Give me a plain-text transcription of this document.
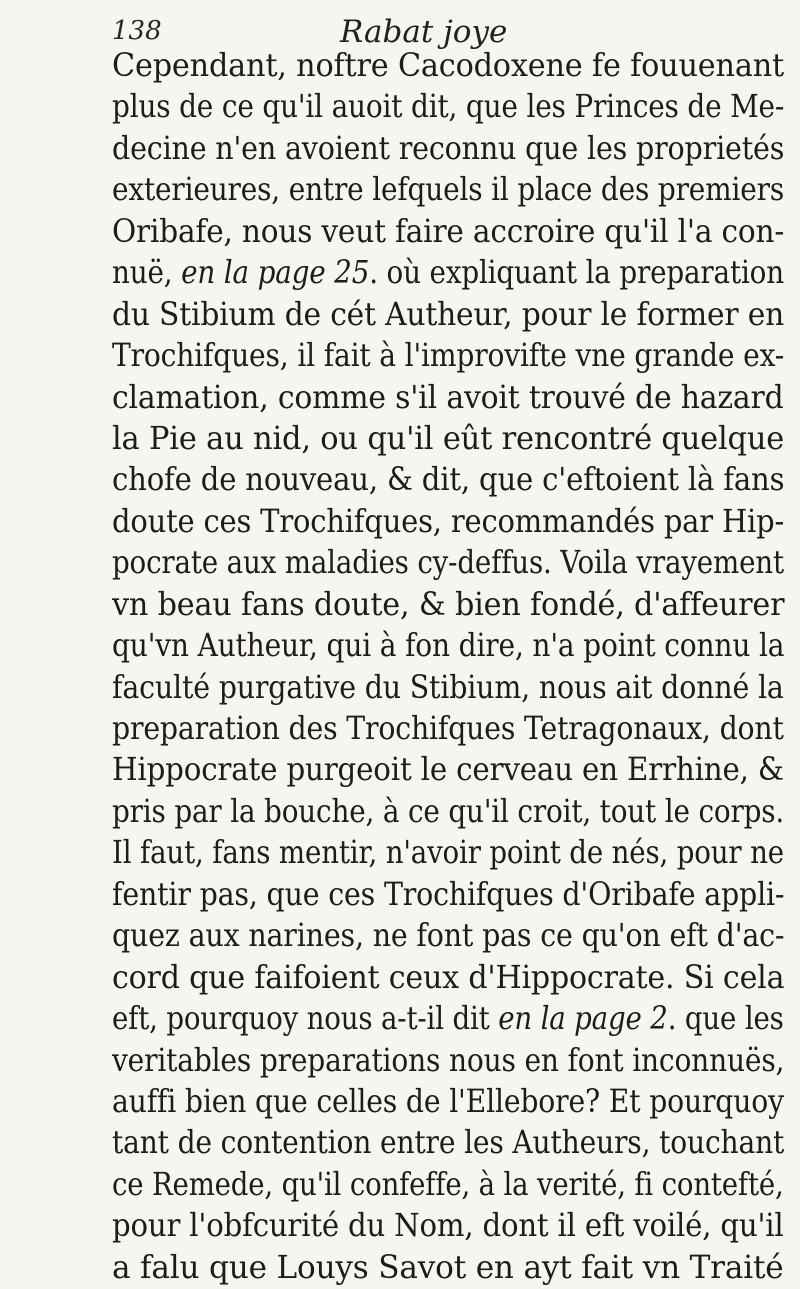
138	Rabat joye
Cependant, noftre Cacodoxene fe fouuenant
plus de ce qu'il auoit dit, que les Princes de Me-
decine n'en avoient reconnu que les proprietés
exterieures, entre lefquels il place des premiers
Oribafe, nous veut faire accroire qu'il l'a con-
nuë, en la page 25. où expliquant la preparation
du Stibium de cét Autheur, pour le former en
Trochifques, il fait à l'improvifte vne grande ex-
clamation, comme s'il avoit trouvé de hazard
la Pie au nid, ou qu'il eût rencontré quelque
chofe de nouveau, & dit, que c'eftoient là fans
doute ces Trochifques, recommandés par Hip-
pocrate aux maladies cy-deffus. Voila vrayement
vn beau fans doute, & bien fondé, d'affeurer
qu'vn Autheur, qui à fon dire, n'a point connu la
faculté purgative du Stibium, nous ait donné la
preparation des Trochifques Tetragonaux, dont
Hippocrate purgeoit le cerveau en Errhine, &
pris par la bouche, à ce qu'il croit, tout le corps.
Il faut, fans mentir, n'avoir point de nés, pour ne
fentir pas, que ces Trochifques d'Oribafe appli-
quez aux narines, ne font pas ce qu'on eft d'ac-
cord que faifoient ceux d'Hippocrate. Si cela
eft, pourquoy nous a-t-il dit en la page 2. que les
veritables preparations nous en font inconnuës,
auffi bien que celles de l'Ellebore? Et pourquoy
tant de contention entre les Autheurs, touchant
ce Remede, qu'il confeffe, à la verité, fi contefté,
pour l'obfcurité du Nom, dont il eft voilé, qu'il
a falu que Louys Savot en ayt fait vn Traité
